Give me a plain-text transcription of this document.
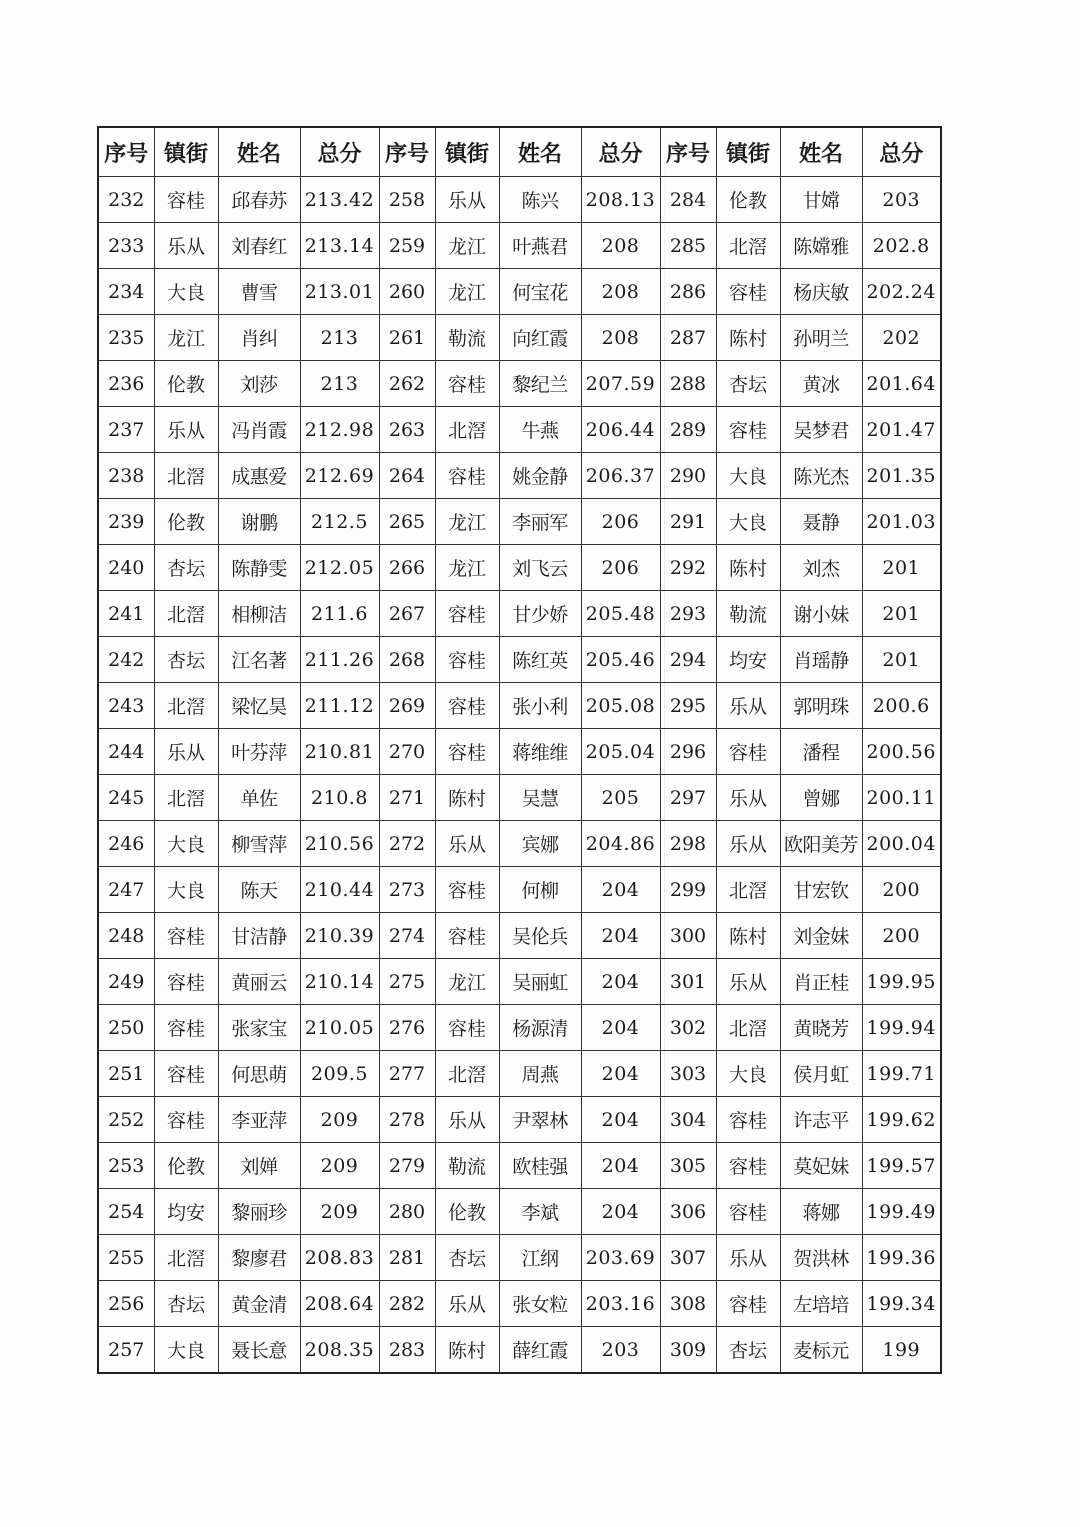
序号	镇街	姓名	总分	序号	镇街	姓名	总分	序号	镇街	姓名	总分
232	容桂	邱春苏	213.42	258	乐从	陈兴	208.13	284	伦教	甘嫦	203
233	乐从	刘春红	213.14	259	龙江	叶燕君	208	285	北滘	陈嫦雅	202.8
234	大良	曹雪	213.01	260	龙江	何宝花	208	286	容桂	杨庆敏	202.24
235	龙江	肖纠	213	261	勒流	向红霞	208	287	陈村	孙明兰	202
236	伦教	刘莎	213	262	容桂	黎纪兰	207.59	288	杏坛	黄冰	201.64
237	乐从	冯肖霞	212.98	263	北滘	牛燕	206.44	289	容桂	吴梦君	201.47
238	北滘	成惠爱	212.69	264	容桂	姚金静	206.37	290	大良	陈光杰	201.35
239	伦教	谢鹏	212.5	265	龙江	李丽军	206	291	大良	聂静	201.03
240	杏坛	陈静雯	212.05	266	龙江	刘飞云	206	292	陈村	刘杰	201
241	北滘	相柳洁	211.6	267	容桂	甘少娇	205.48	293	勒流	谢小妹	201
242	杏坛	江名著	211.26	268	容桂	陈红英	205.46	294	均安	肖瑶静	201
243	北滘	梁忆昊	211.12	269	容桂	张小利	205.08	295	乐从	郭明珠	200.6
244	乐从	叶芬萍	210.81	270	容桂	蒋维维	205.04	296	容桂	潘程	200.56
245	北滘	单佐	210.8	271	陈村	吴慧	205	297	乐从	曾娜	200.11
246	大良	柳雪萍	210.56	272	乐从	宾娜	204.86	298	乐从	欧阳美芳	200.04
247	大良	陈天	210.44	273	容桂	何柳	204	299	北滘	甘宏钦	200
248	容桂	甘洁静	210.39	274	容桂	吴伦兵	204	300	陈村	刘金妹	200
249	容桂	黄丽云	210.14	275	龙江	吴丽虹	204	301	乐从	肖正桂	199.95
250	容桂	张家宝	210.05	276	容桂	杨源清	204	302	北滘	黄晓芳	199.94
251	容桂	何思萌	209.5	277	北滘	周燕	204	303	大良	侯月虹	199.71
252	容桂	李亚萍	209	278	乐从	尹翠林	204	304	容桂	许志平	199.62
253	伦教	刘婵	209	279	勒流	欧桂强	204	305	容桂	莫妃妹	199.57
254	均安	黎丽珍	209	280	伦教	李斌	204	306	容桂	蒋娜	199.49
255	北滘	黎廖君	208.83	281	杏坛	江纲	203.69	307	乐从	贺洪林	199.36
256	杏坛	黄金清	208.64	282	乐从	张女粒	203.16	308	容桂	左培培	199.34
257	大良	聂长意	208.35	283	陈村	薛红霞	203	309	杏坛	麦标元	199
